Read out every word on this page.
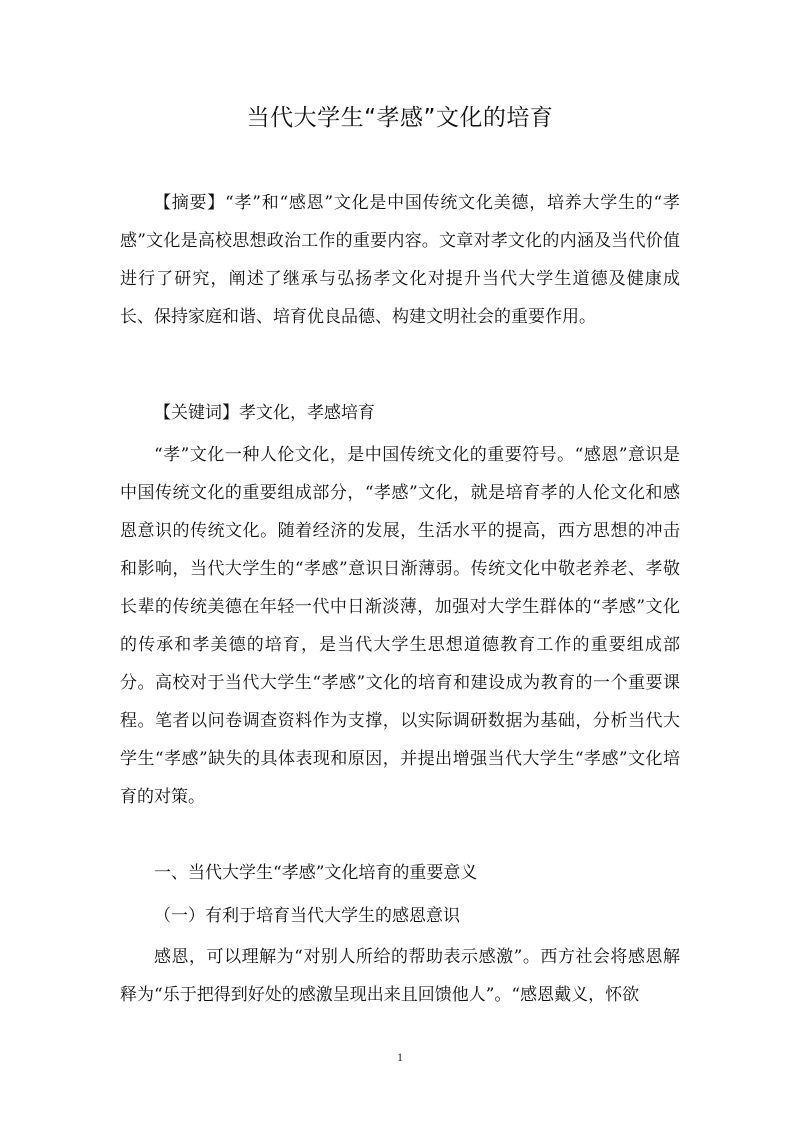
当代大学生“孝感”文化的培育

【摘要】“孝”和“感恩”文化是中国传统文化美德，培养大学生的“孝感”文化是高校思想政治工作的重要内容。文章对孝文化的内涵及当代价值进行了研究，阐述了继承与弘扬孝文化对提升当代大学生道德及健康成长、保持家庭和谐、培育优良品德、构建文明社会的重要作用。

【关键词】孝文化，孝感培育

“孝”文化一种人伦文化，是中国传统文化的重要符号。“感恩”意识是中国传统文化的重要组成部分，“孝感”文化，就是培育孝的人伦文化和感恩意识的传统文化。随着经济的发展，生活水平的提高，西方思想的冲击和影响，当代大学生的“孝感”意识日渐薄弱。传统文化中敬老养老、孝敬长辈的传统美德在年轻一代中日渐淡薄，加强对大学生群体的“孝感”文化的传承和孝美德的培育，是当代大学生思想道德教育工作的重要组成部分。高校对于当代大学生“孝感”文化的培育和建设成为教育的一个重要课程。笔者以问卷调查资料作为支撑，以实际调研数据为基础，分析当代大学生“孝感”缺失的具体表现和原因，并提出增强当代大学生“孝感”文化培育的对策。

一、当代大学生“孝感”文化培育的重要意义

（一）有利于培育当代大学生的感恩意识

感恩，可以理解为“对别人所给的帮助表示感激”。西方社会将感恩解释为“乐于把得到好处的感激呈现出来且回馈他人”。“感恩戴义，怀欲

1
